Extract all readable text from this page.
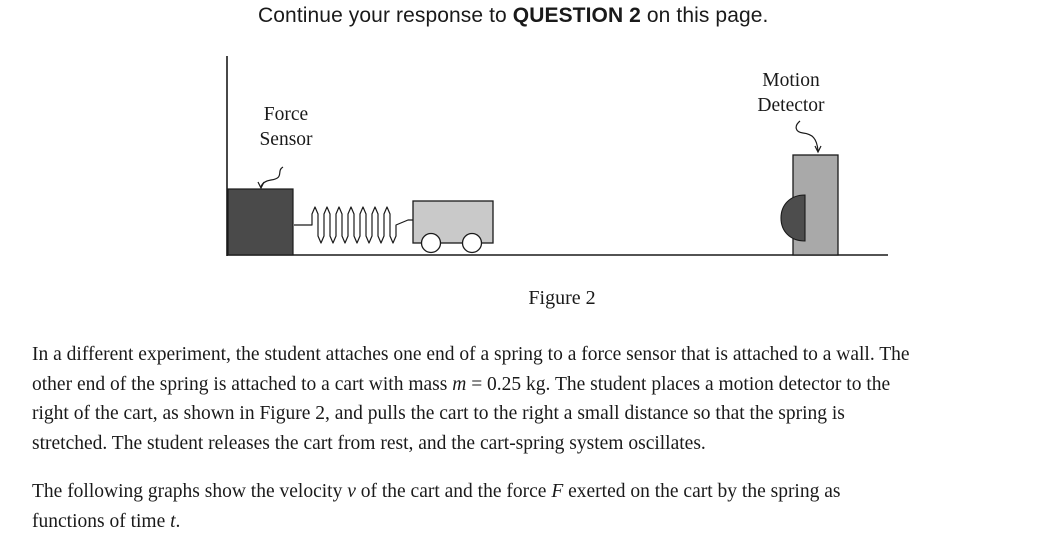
Continue your response to QUESTION 2 on this page.
Force
Sensor
Motion
Detector
Figure 2

In a different experiment, the student attaches one end of a spring to a force sensor that is attached to a wall. The
other end of the spring is attached to a cart with mass m = 0.25 kg. The student places a motion detector to the
right of the cart, as shown in Figure 2, and pulls the cart to the right a small distance so that the spring is
stretched. The student releases the cart from rest, and the cart-spring system oscillates.

The following graphs show the velocity v of the cart and the force F exerted on the cart by the spring as
functions of time t.
